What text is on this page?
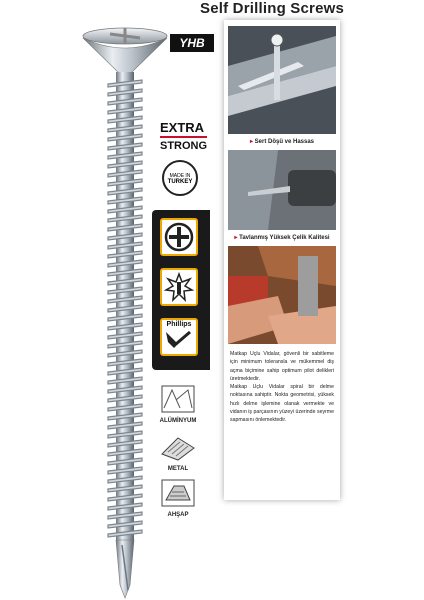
Self Drilling Screws
YHB
EXTRA
STRONG
MADE IN
TURKEY
Phillips
ALÜMİNYUM
METAL
AHŞAP
▸ Sert Döşü ve Hassas
▸ Tavlanmış Yüksek Çelik Kalitesi

Matkap Uçlu Vidalar, gövenli bir sabitleme için minimum toleransla ve mükemmel diş açma biçimine sahip optimum pilot delikleri üretmektedir.

Matkap Uçlu Vidalar spiral bir delme noktasına sahiptir. Nokta geometrisi, yüksek hızlı delme işlemine olanak vermekte ve vidanın iş parçasının yüzeyi üzerinde seyrme sapmasını önlemektedir.
